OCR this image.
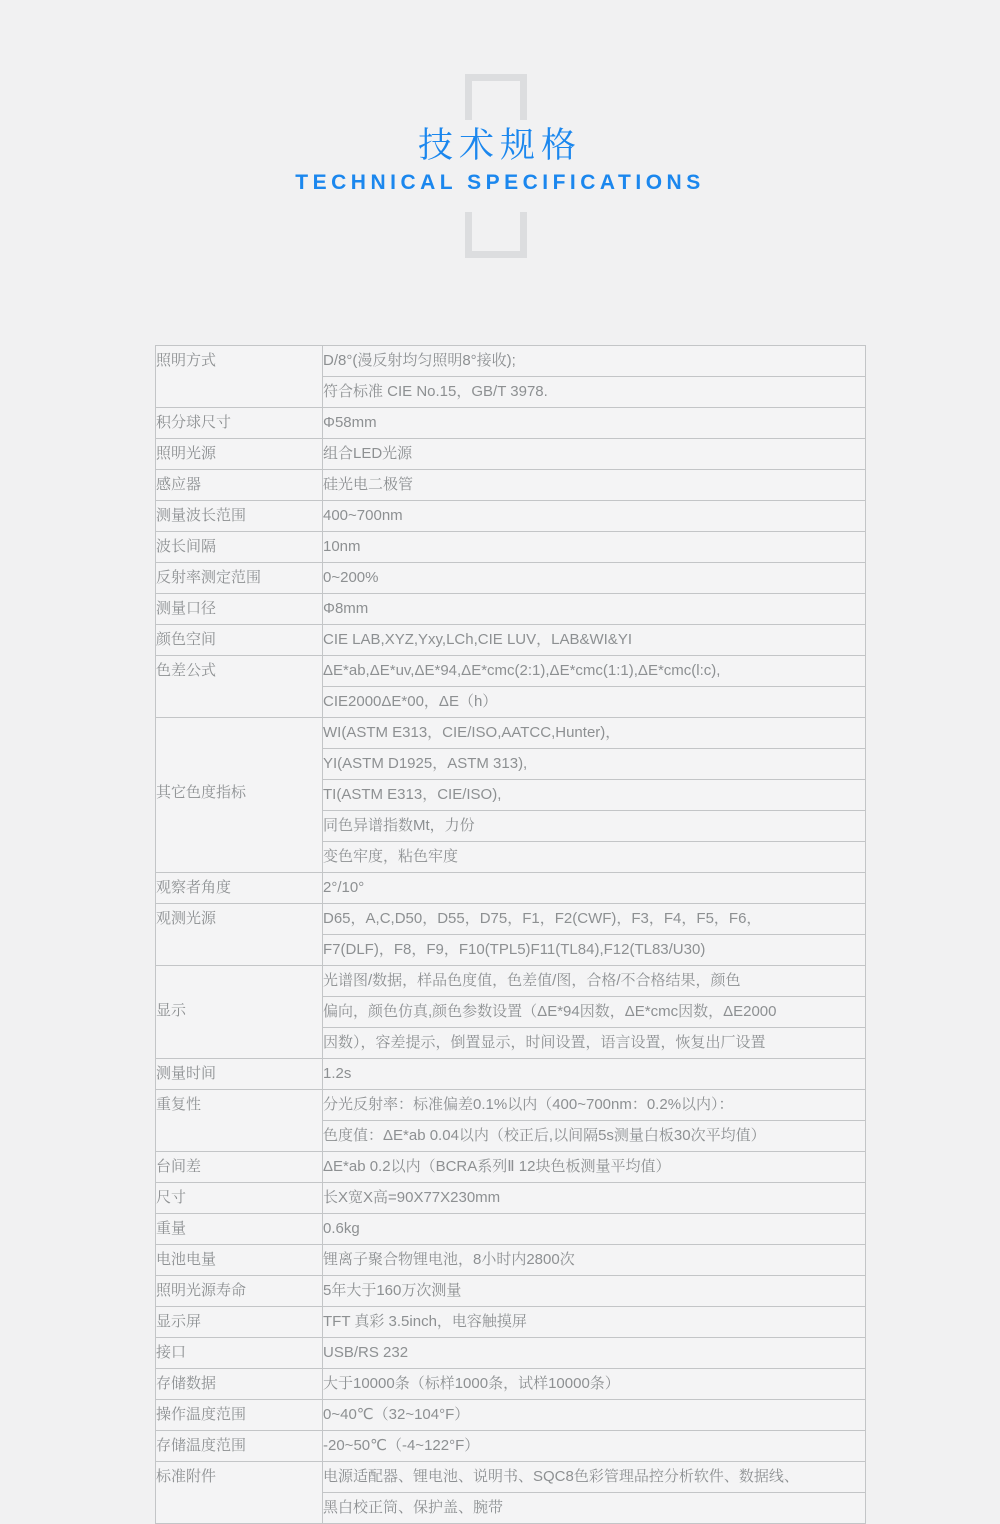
技术规格
TECHNICAL SPECIFICATIONS
照明方式	D/8°(漫反射均匀照明8°接收);
	符合标准 CIE No.15，GB/T 3978.

积分球尺寸	Φ58mm

照明光源	组合LED光源

感应器	硅光电二极管

测量波长范围	400~700nm

波长间隔	10nm

反射率测定范围	0~200%

测量口径	Φ8mm

颜色空间	CIE LAB,XYZ,Yxy,LCh,CIE LUV，LAB&WI&YI

色差公式	ΔE*ab,ΔE*uv,ΔE*94,ΔE*cmc(2:1),ΔE*cmc(1:1),ΔE*cmc(l:c),
	CIE2000ΔE*00，ΔE（h）

其它色度指标	WI(ASTM E313，CIE/ISO,AATCC,Hunter)，
	YI(ASTM D1925，ASTM 313),
	TI(ASTM E313，CIE/ISO),
	同色异谱指数Mt，力份
	变色牢度，粘色牢度

观察者角度	2°/10°

观测光源	D65，A,C,D50，D55，D75，F1，F2(CWF)，F3，F4，F5，F6，
	F7(DLF)，F8，F9，F10(TPL5)F11(TL84),F12(TL83/U30)

显示	光谱图/数据，样品色度值，色差值/图，合格/不合格结果，颜色
	偏向，颜色仿真,颜色参数设置（ΔE*94因数，ΔE*cmc因数，ΔE2000
	因数），容差提示，倒置显示，时间设置，语言设置，恢复出厂设置

测量时间	1.2s

重复性	分光反射率：标准偏差0.1%以内（400~700nm：0.2%以内）：
	色度值：ΔE*ab 0.04以内（校正后,以间隔5s测量白板30次平均值）

台间差	ΔE*ab 0.2以内（BCRA系列Ⅱ 12块色板测量平均值）

尺寸	长X宽X高=90X77X230mm

重量	0.6kg

电池电量	锂离子聚合物锂电池，8小时内2800次

照明光源寿命	5年大于160万次测量

显示屏	TFT 真彩 3.5inch，电容触摸屏

接口	USB/RS 232

存储数据	大于10000条（标样1000条，试样10000条）

操作温度范围	0~40℃（32~104°F）

存储温度范围	-20~50℃（-4~122°F）

标准附件	电源适配器、锂电池、说明书、SQC8色彩管理品控分析软件、数据线、
	黑白校正筒、保护盖、腕带
